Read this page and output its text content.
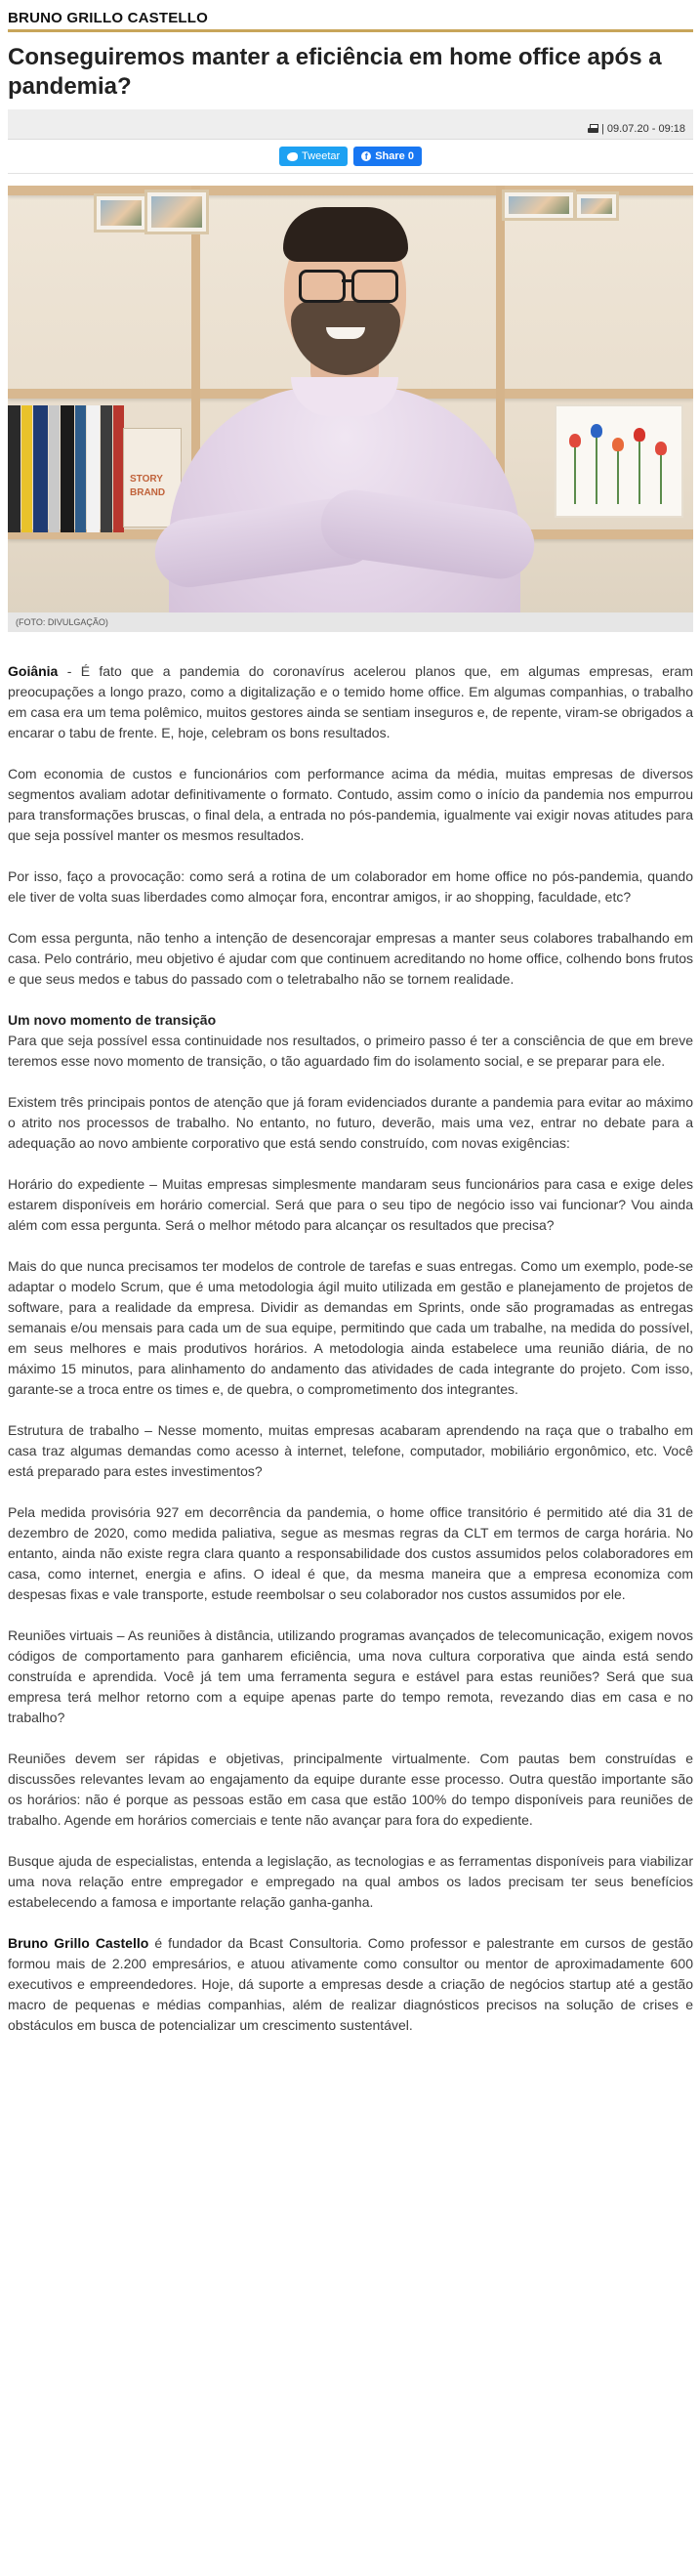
BRUNO GRILLO CASTELLO
Conseguiremos manter a eficiência em home office após a pandemia?
| 09.07.20 - 09:18
Tweetar	f Share 0
STORY
BRAND
(FOTO: DIVULGAÇÃO)

Goiânia - É fato que a pandemia do coronavírus acelerou planos que, em algumas empresas, eram preocupações a longo prazo, como a digitalização e o temido home office. Em algumas companhias, o trabalho em casa era um tema polêmico, muitos gestores ainda se sentiam inseguros e, de repente, viram-se obrigados a encarar o tabu de frente. E, hoje, celebram os bons resultados.

Com economia de custos e funcionários com performance acima da média, muitas empresas de diversos segmentos avaliam adotar definitivamente o formato. Contudo, assim como o início da pandemia nos empurrou para transformações bruscas, o final dela, a entrada no pós-pandemia, igualmente vai exigir novas atitudes para que seja possível manter os mesmos resultados.

Por isso, faço a provocação: como será a rotina de um colaborador em home office no pós-pandemia, quando ele tiver de volta suas liberdades como almoçar fora, encontrar amigos, ir ao shopping, faculdade, etc?

Com essa pergunta, não tenho a intenção de desencorajar empresas a manter seus colabores trabalhando em casa. Pelo contrário, meu objetivo é ajudar com que continuem acreditando no home office, colhendo bons frutos e que seus medos e tabus do passado com o teletrabalho não se tornem realidade.

Um novo momento de transição

Para que seja possível essa continuidade nos resultados, o primeiro passo é ter a consciência de que em breve teremos esse novo momento de transição, o tão aguardado fim do isolamento social, e se preparar para ele.

Existem três principais pontos de atenção que já foram evidenciados durante a pandemia para evitar ao máximo o atrito nos processos de trabalho. No entanto, no futuro, deverão, mais uma vez, entrar no debate para a adequação ao novo ambiente corporativo que está sendo construído, com novas exigências:

Horário do expediente – Muitas empresas simplesmente mandaram seus funcionários para casa e exige deles estarem disponíveis em horário comercial. Será que para o seu tipo de negócio isso vai funcionar? Vou ainda além com essa pergunta. Será o melhor método para alcançar os resultados que precisa?

Mais do que nunca precisamos ter modelos de controle de tarefas e suas entregas. Como um exemplo, pode-se adaptar o modelo Scrum, que é uma metodologia ágil muito utilizada em gestão e planejamento de projetos de software, para a realidade da empresa. Dividir as demandas em Sprints, onde são programadas as entregas semanais e/ou mensais para cada um de sua equipe, permitindo que cada um trabalhe, na medida do possível, em seus melhores e mais produtivos horários. A metodologia ainda estabelece uma reunião diária, de no máximo 15 minutos, para alinhamento do andamento das atividades de cada integrante do projeto. Com isso, garante-se a troca entre os times e, de quebra, o comprometimento dos integrantes.

Estrutura de trabalho – Nesse momento, muitas empresas acabaram aprendendo na raça que o trabalho em casa traz algumas demandas como acesso à internet, telefone, computador, mobiliário ergonômico, etc. Você está preparado para estes investimentos?

Pela medida provisória 927 em decorrência da pandemia, o home office transitório é permitido até dia 31 de dezembro de 2020, como medida paliativa, segue as mesmas regras da CLT em termos de carga horária. No entanto, ainda não existe regra clara quanto a responsabilidade dos custos assumidos pelos colaboradores em casa, como internet, energia e afins. O ideal é que, da mesma maneira que a empresa economiza com despesas fixas e vale transporte, estude reembolsar o seu colaborador nos custos assumidos por ele.

Reuniões virtuais – As reuniões à distância, utilizando programas avançados de telecomunicação, exigem novos códigos de comportamento para ganharem eficiência, uma nova cultura corporativa que ainda está sendo construída e aprendida. Você já tem uma ferramenta segura e estável para estas reuniões? Será que sua empresa terá melhor retorno com a equipe apenas parte do tempo remota, revezando dias em casa e no trabalho?

Reuniões devem ser rápidas e objetivas, principalmente virtualmente. Com pautas bem construídas e discussões relevantes levam ao engajamento da equipe durante esse processo. Outra questão importante são os horários: não é porque as pessoas estão em casa que estão 100% do tempo disponíveis para reuniões de trabalho. Agende em horários comerciais e tente não avançar para fora do expediente.

Busque ajuda de especialistas, entenda a legislação, as tecnologias e as ferramentas disponíveis para viabilizar uma nova relação entre empregador e empregado na qual ambos os lados precisam ter seus benefícios estabelecendo a famosa e importante relação ganha-ganha.

Bruno Grillo Castello é fundador da Bcast Consultoria. Como professor e palestrante em cursos de gestão formou mais de 2.200 empresários, e atuou ativamente como consultor ou mentor de aproximadamente 600 executivos e empreendedores. Hoje, dá suporte a empresas desde a criação de negócios startup até a gestão macro de pequenas e médias companhias, além de realizar diagnósticos precisos na solução de crises e obstáculos em busca de potencializar um crescimento sustentável.
